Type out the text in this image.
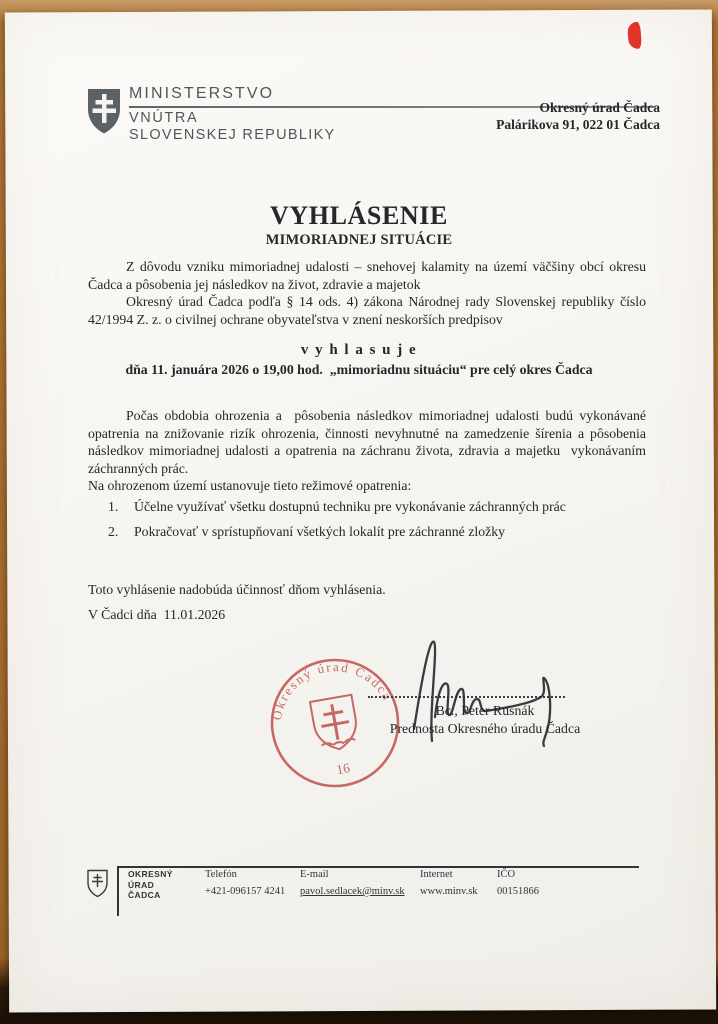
MINISTERSTVO
VNÚTRA
SLOVENSKEJ REPUBLIKY
Okresný úrad Čadca
Palárikova 91, 022 01 Čadca
VYHLÁSENIE
MIMORIADNEJ SITUÁCIE

Z dôvodu vzniku mimoriadnej udalosti – snehovej kalamity na území väčšiny obcí okresu Čadca a pôsobenia jej následkov na život, zdravie a majetok

Okresný úrad Čadca podľa § 14 ods. 4) zákona Národnej rady Slovenskej republiky číslo 42/1994 Z. z. o civilnej ochrane obyvateľstva v znení neskorších predpisov

v y h l a s u j e
dňa 11. januára 2026 o 19,00 hod.  „mimoriadnu situáciu“ pre celý okres Čadca

Počas obdobia ohrozenia a  pôsobenia následkov mimoriadnej udalosti budú vykonávané opatrenia na znižovanie rizík ohrozenia, činnosti nevyhnutné na zamedzenie šírenia a pôsobenia následkov mimoriadnej udalosti a opatrenia na záchranu života, zdravia a majetku  vykonávaním záchranných prác.

Na ohrozenom území ustanovuje tieto režimové opatrenia:

1.	Účelne využívať všetku dostupnú techniku pre vykonávanie záchranných prác
2.	Pokračovať v sprístupňovaní všetkých lokalít pre záchranné zložky
Toto vyhlásenie nadobúda účinnosť dňom vyhlásenia.
V Čadci dňa  11.01.2026
Okresný úrad Čadca
16
Bc., Peter Rusnák
Prednosta Okresného úradu Čadca
OKRESNÝ
ÚRAD
ČADCA
Telefón
+421-096157 4241
E-mail
pavol.sedlacek@minv.sk
Internet
www.minv.sk
IČO
00151866
